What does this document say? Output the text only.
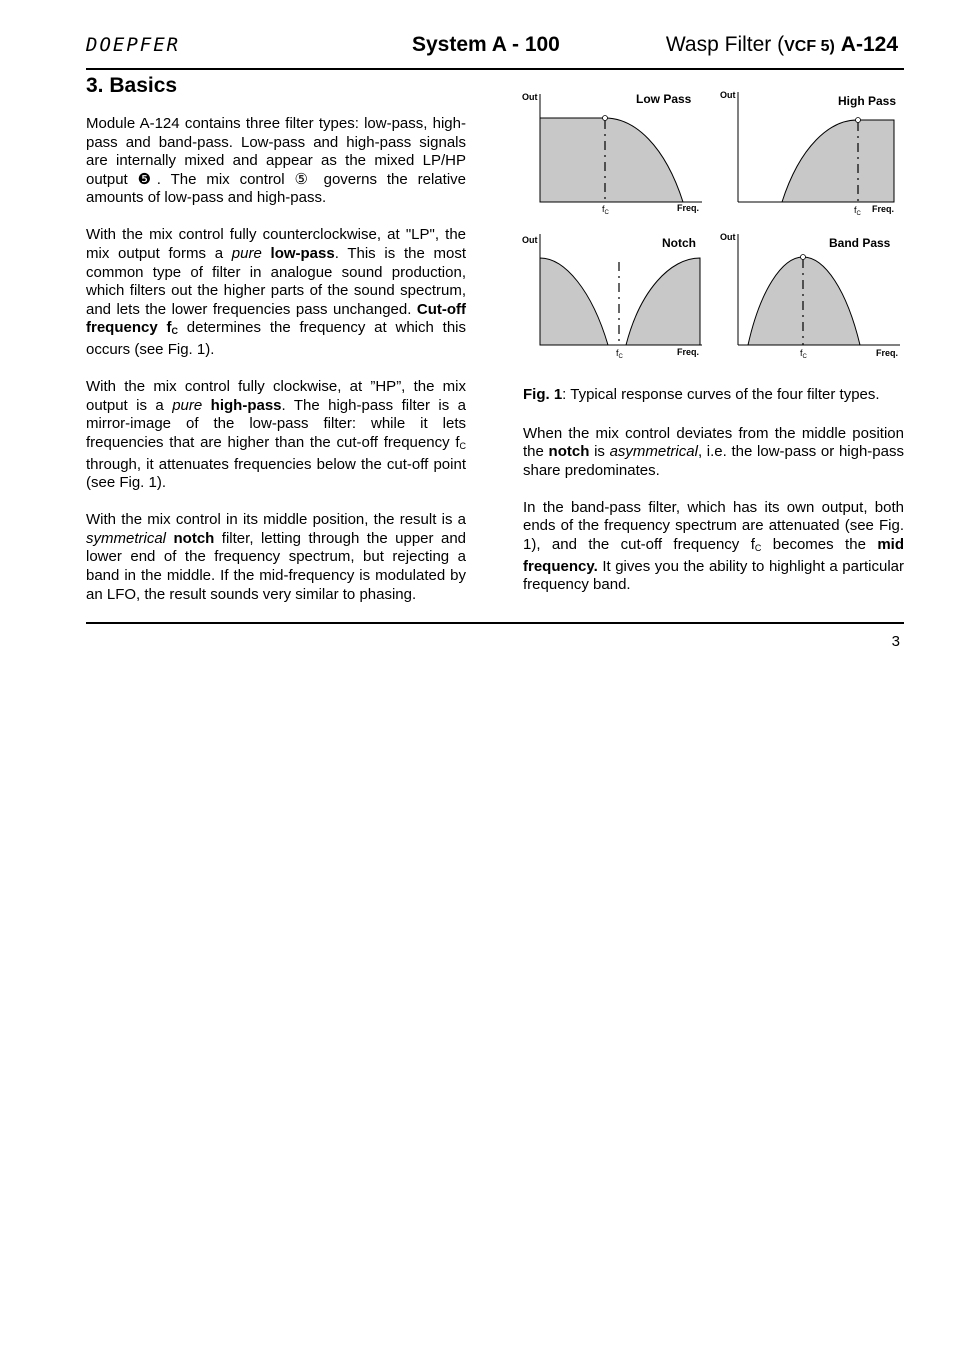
DOEPFER	System A - 100	Wasp Filter (VCF 5) A-124
3. Basics

Module A-124 contains three filter types: low-pass, high-pass and band-pass. Low-pass and high-pass signals are internally mixed and appear as the mixed LP/HP output ❺. The mix control ⑤ governs the relative amounts of low-pass and high-pass.

With the mix control fully counterclockwise, at "LP", the mix output forms a pure low-pass. This is the most common type of filter in analogue sound production, which filters out the higher parts of the sound spectrum, and lets the lower frequencies pass unchanged. Cut-off frequency $f_C$ determines the frequency at which this occurs (see Fig. 1).

With the mix control fully clockwise, at ”HP”, the mix output is a pure high-pass. The high-pass filter is a mirror-image of the low-pass filter: while it lets frequencies that are higher than the cut-off frequency $f_C$ through, it attenuates frequencies below the cut-off point (see Fig. 1).

With the mix control in its middle position, the result is a symmetrical notch filter, letting through the upper and lower end of the frequency spectrum, but rejecting a band in the middle. If the mid-frequency is modulated by an LFO, the result sounds very similar to phasing.

Out	Low Pass
Freq.
$f_C$
Out	High Pass
Freq.
$f_C$
Out	Notch
Freq.
$f_C$
Out	Band Pass
Freq.
$f_C$

Fig. 1: Typical response curves of the four filter types.

When the mix control deviates from the middle position the notch is asymmetrical, i.e. the low-pass or high-pass share predominates.

In the band-pass filter, which has its own output, both ends of the frequency spectrum are attenuated (see Fig. 1), and the cut-off frequency $f_C$ becomes the mid frequency. It gives you the ability to highlight a particular frequency band.

3
